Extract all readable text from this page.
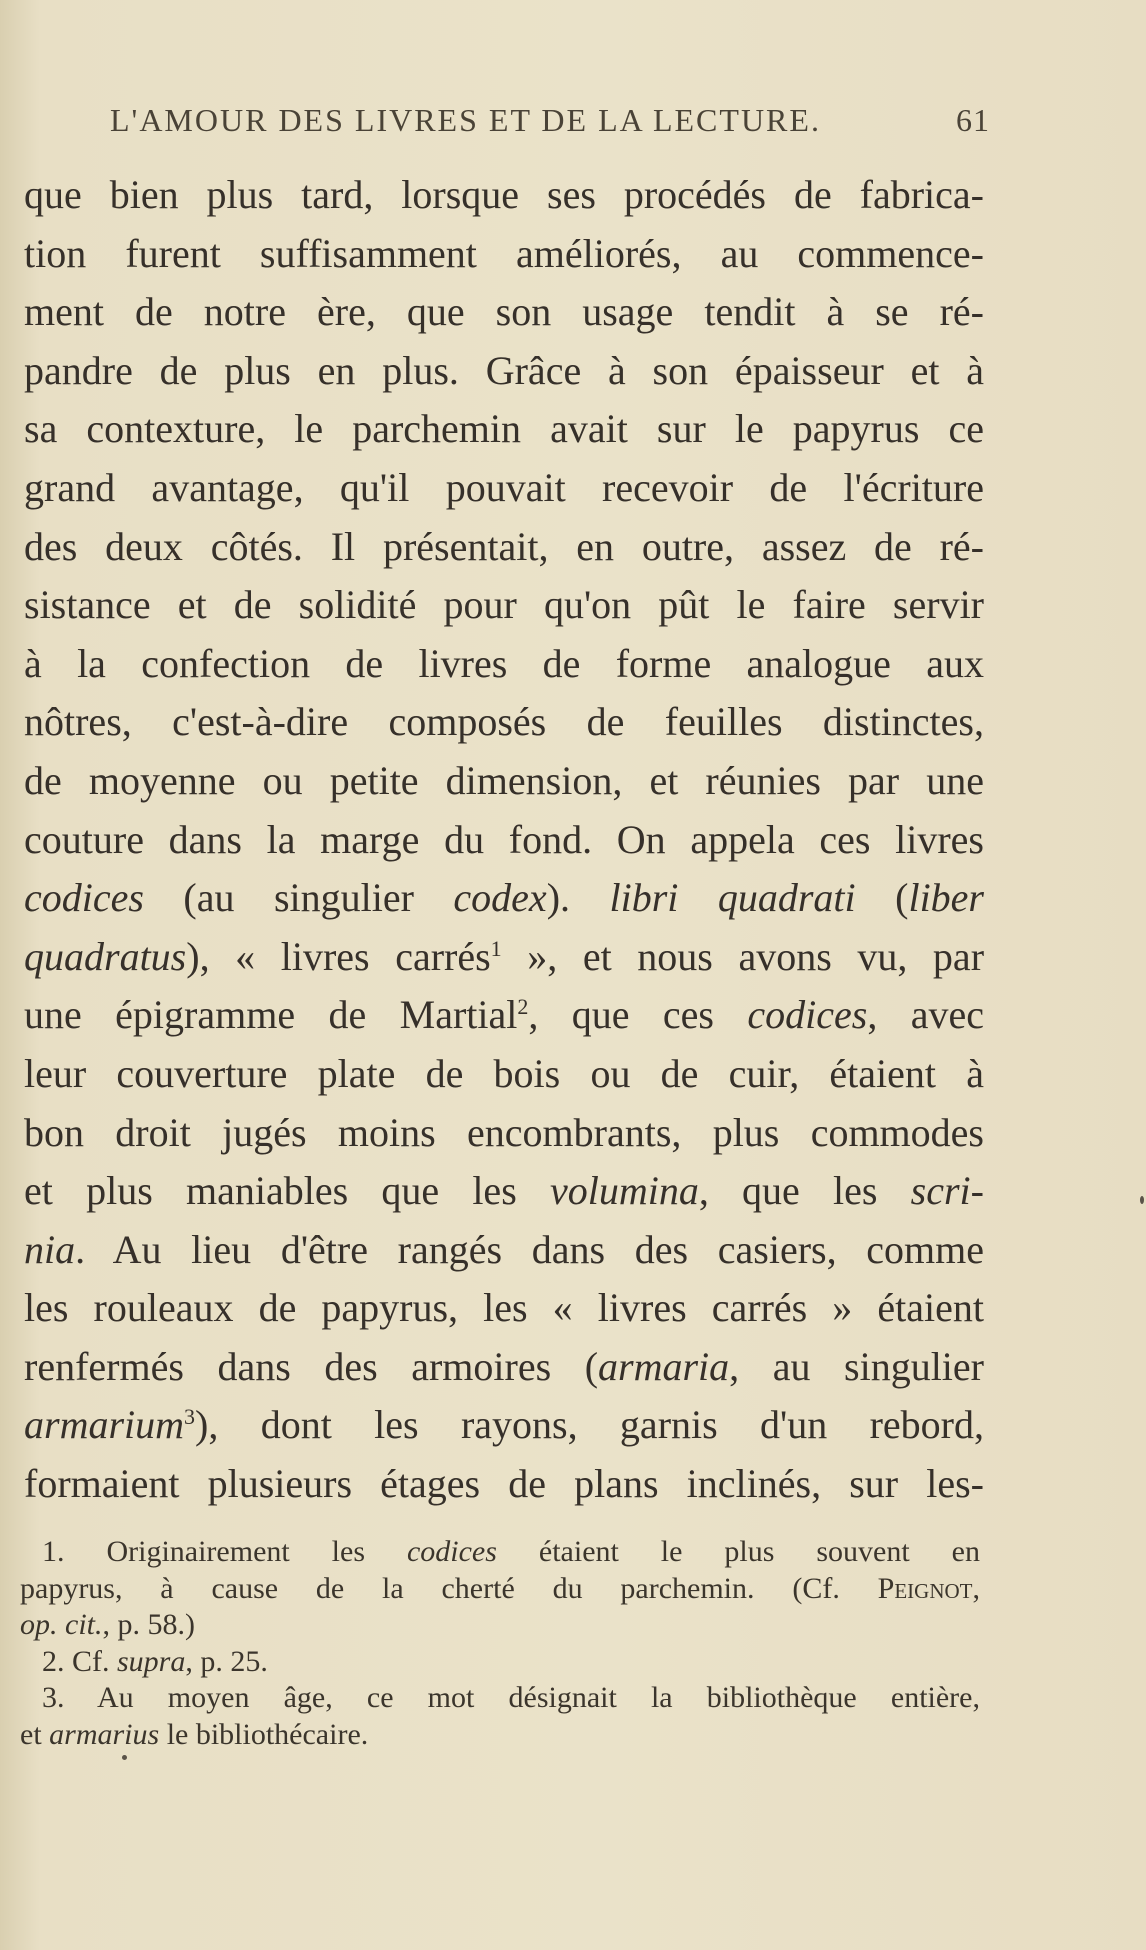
L'AMOUR DES LIVRES ET DE LA LECTURE.	61
que bien plus tard, lorsque ses procédés de fabrica-
tion furent suffisamment améliorés, au commence-
ment de notre ère, que son usage tendit à se ré-
pandre de plus en plus. Grâce à son épaisseur et à
sa contexture, le parchemin avait sur le papyrus ce
grand avantage, qu'il pouvait recevoir de l'écriture
des deux côtés. Il présentait, en outre, assez de ré-
sistance et de solidité pour qu'on pût le faire servir
à la confection de livres de forme analogue aux
nôtres, c'est-à-dire composés de feuilles distinctes,
de moyenne ou petite dimension, et réunies par une
couture dans la marge du fond. On appela ces livres
codices (au singulier codex). libri quadrati (liber
quadratus), « livres carrés$^1$ », et nous avons vu, par
une épigramme de Martial$^2$, que ces codices, avec
leur couverture plate de bois ou de cuir, étaient à
bon droit jugés moins encombrants, plus commodes
et plus maniables que les volumina, que les scri-
nia. Au lieu d'être rangés dans des casiers, comme
les rouleaux de papyrus, les « livres carrés » étaient
renfermés dans des armoires (armaria, au singulier
armarium$^3$), dont les rayons, garnis d'un rebord,
formaient plusieurs étages de plans inclinés, sur les-
1. Originairement les codices étaient le plus souvent en
papyrus, à cause de la cherté du parchemin. (Cf. Peignot,
op. cit., p. 58.)
2. Cf. supra, p. 25.
3. Au moyen âge, ce mot désignait la bibliothèque entière,
et armarius le bibliothécaire.
